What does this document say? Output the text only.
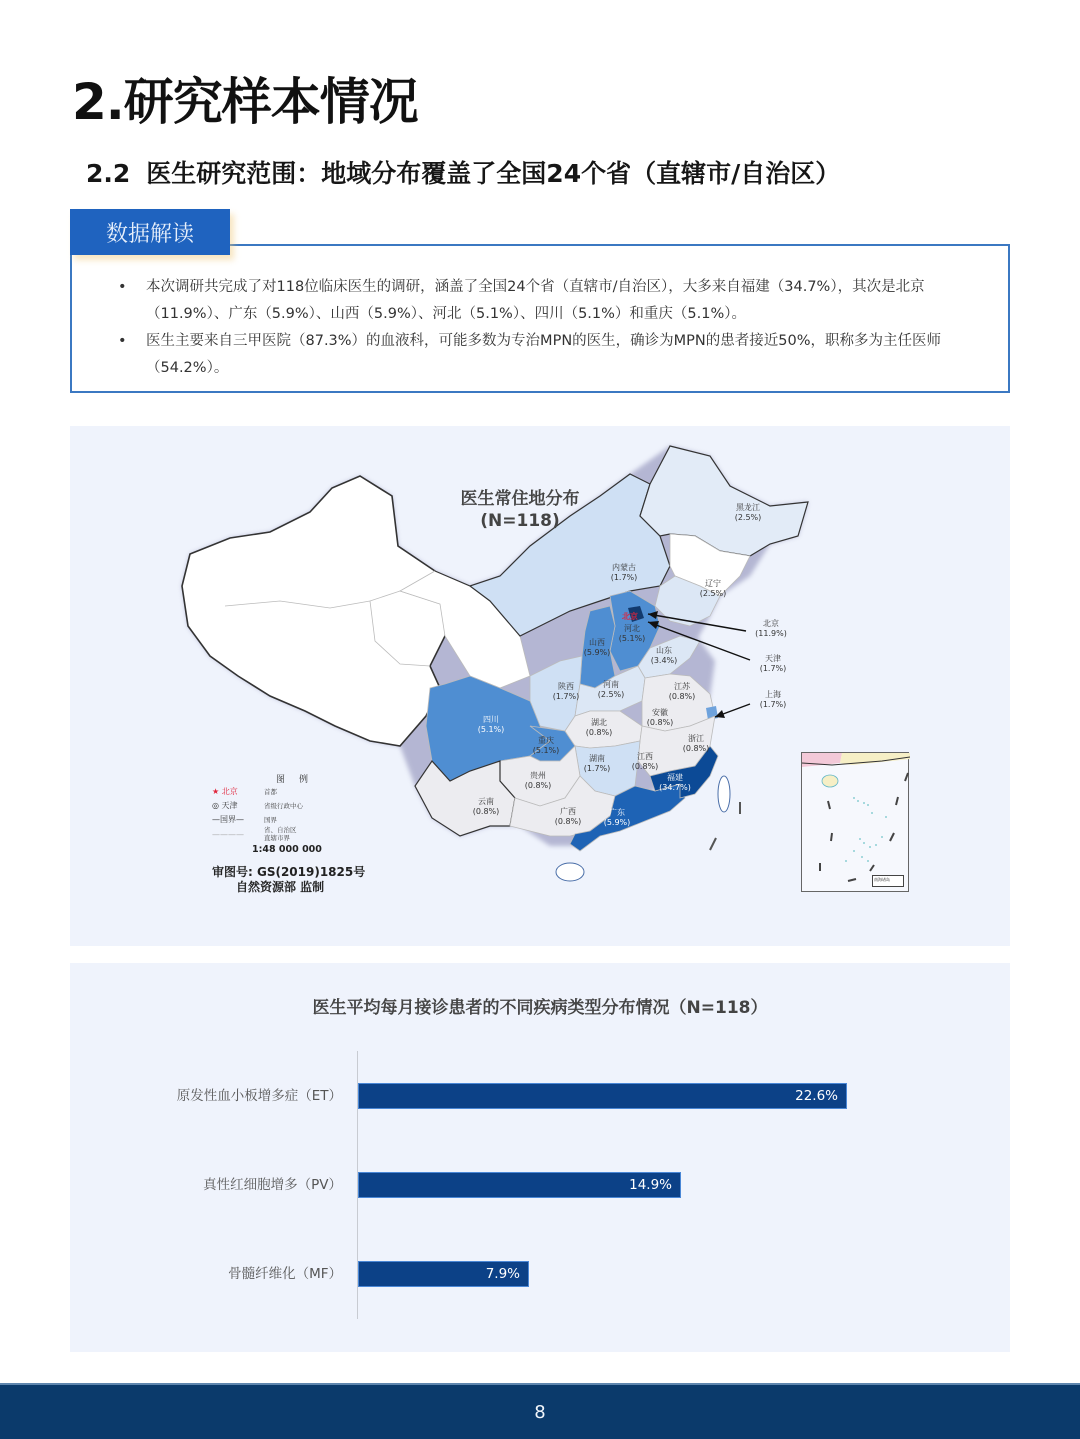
2.研究样本情况
2.2 医生研究范围：地域分布覆盖了全国24个省（直辖市/自治区）
数据解读
• 本次调研共完成了对118位临床医生的调研，涵盖了全国24个省（直辖市/自治区），大多来自福建（34.7%），其次是北京（11.9%）、广东（5.9%）、山西（5.9%）、河北（5.1%）、四川（5.1%）和重庆（5.1%）。
• 医生主要来自三甲医院（87.3%）的血液科，可能多数为专治MPN的医生，确诊为MPN的患者接近50%，职称多为主任医师（54.2%）。
医生常住地分布
(N=118)
黑龙江
(2.5%)
内蒙古
(1.7%)
辽宁
(2.5%)
北京
(11.9%)
天津
(1.7%)
北京
河北
(5.1%)
山西
(5.9%)	山东
(3.4%)
陕西
(1.7%)
河南
(2.5%)
江苏
(0.8%)	上海
(1.7%)
安徽
(0.8%)
湖北
(0.8%)
四川
(5.1%)
重庆
(5.1%)
浙江
(0.8%)
江西
(0.8%)
湖南
(1.7%)
贵州
(0.8%)
福建
(34.7%)
云南
(0.8%)	广西
(0.8%)
广东
(5.9%)
图例
★ 北京	首都
◎ 天津	省级行政中心
—国界—	国界
————	省、自治区 直辖市界
1:48 000 000
审图号: GS(2019)1825号
自然资源部 监制
南海诸岛
医生平均每月接诊患者的不同疾病类型分布情况（N=118）
原发性血小板增多症（ET）	22.6%
真性红细胞增多（PV）	14.9%
骨髓纤维化（MF）	7.9%
8
